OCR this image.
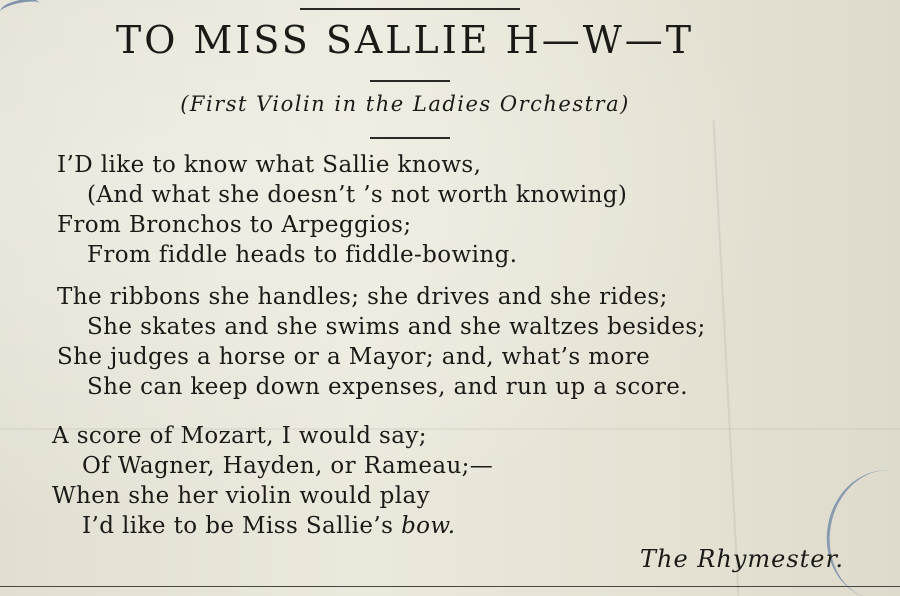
TO MISS SALLIE H—W—T
(First Violin in the Ladies Orchestra)
I’D like to know what Sallie knows,
(And what she doesn’t ’s not worth knowing)
From Bronchos to Arpeggios;
From fiddle heads to fiddle-bowing.
The ribbons she handles; she drives and she rides;
She skates and she swims and she waltzes besides;
She judges a horse or a Mayor; and, what’s more
She can keep down expenses, and run up a score.
A score of Mozart, I would say;
Of Wagner, Hayden, or Rameau;—
When she her violin would play
I’d like to be Miss Sallie’s bow.
The Rhymester.
